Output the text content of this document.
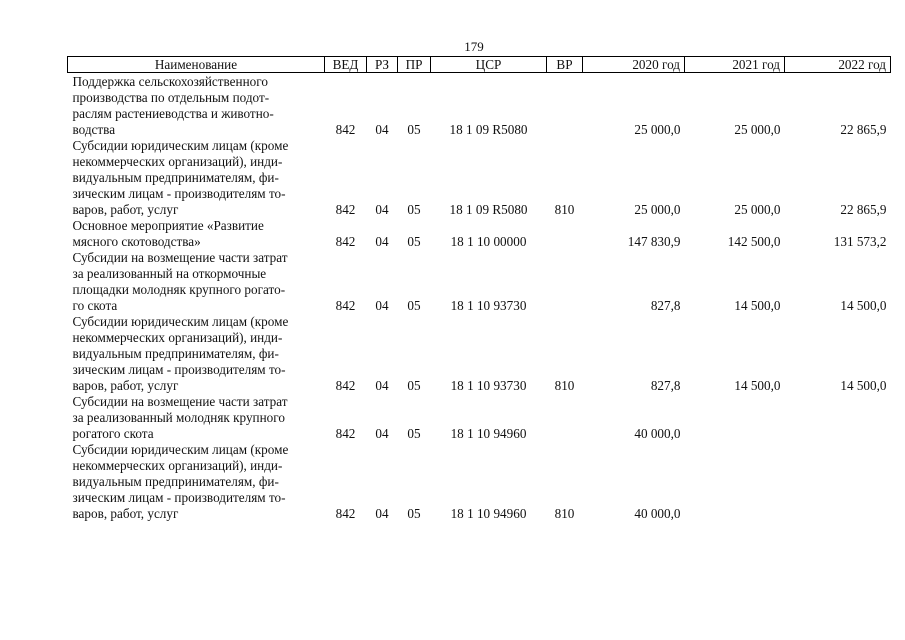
179
Наименование	ВЕД	РЗ	ПР	ЦСР	ВР	2020 год	2021 год	2022 год
Поддержка сельскохозяйственного
производства по отдельным подот-
раслям растениеводства и животно-
водства	842	04	05	18 1 09 R5080		25 000,0	25 000,0	22 865,9
Субсидии юридическим лицам (кроме
некоммерческих организаций), инди-
видуальным предпринимателям, фи-
зическим лицам - производителям то-
варов, работ, услуг	842	04	05	18 1 09 R5080	810	25 000,0	25 000,0	22 865,9
Основное мероприятие «Развитие
мясного скотоводства»	842	04	05	18 1 10 00000		147 830,9	142 500,0	131 573,2
Субсидии на возмещение части затрат
за реализованный на откормочные
площадки молодняк крупного рогато-
го скота	842	04	05	18 1 10 93730		827,8	14 500,0	14 500,0
Субсидии юридическим лицам (кроме
некоммерческих организаций), инди-
видуальным предпринимателям, фи-
зическим лицам - производителям то-
варов, работ, услуг	842	04	05	18 1 10 93730	810	827,8	14 500,0	14 500,0
Субсидии на возмещение части затрат
за реализованный молодняк крупного
рогатого скота	842	04	05	18 1 10 94960		40 000,0		
Субсидии юридическим лицам (кроме
некоммерческих организаций), инди-
видуальным предпринимателям, фи-
зическим лицам - производителям то-
варов, работ, услуг	842	04	05	18 1 10 94960	810	40 000,0		
